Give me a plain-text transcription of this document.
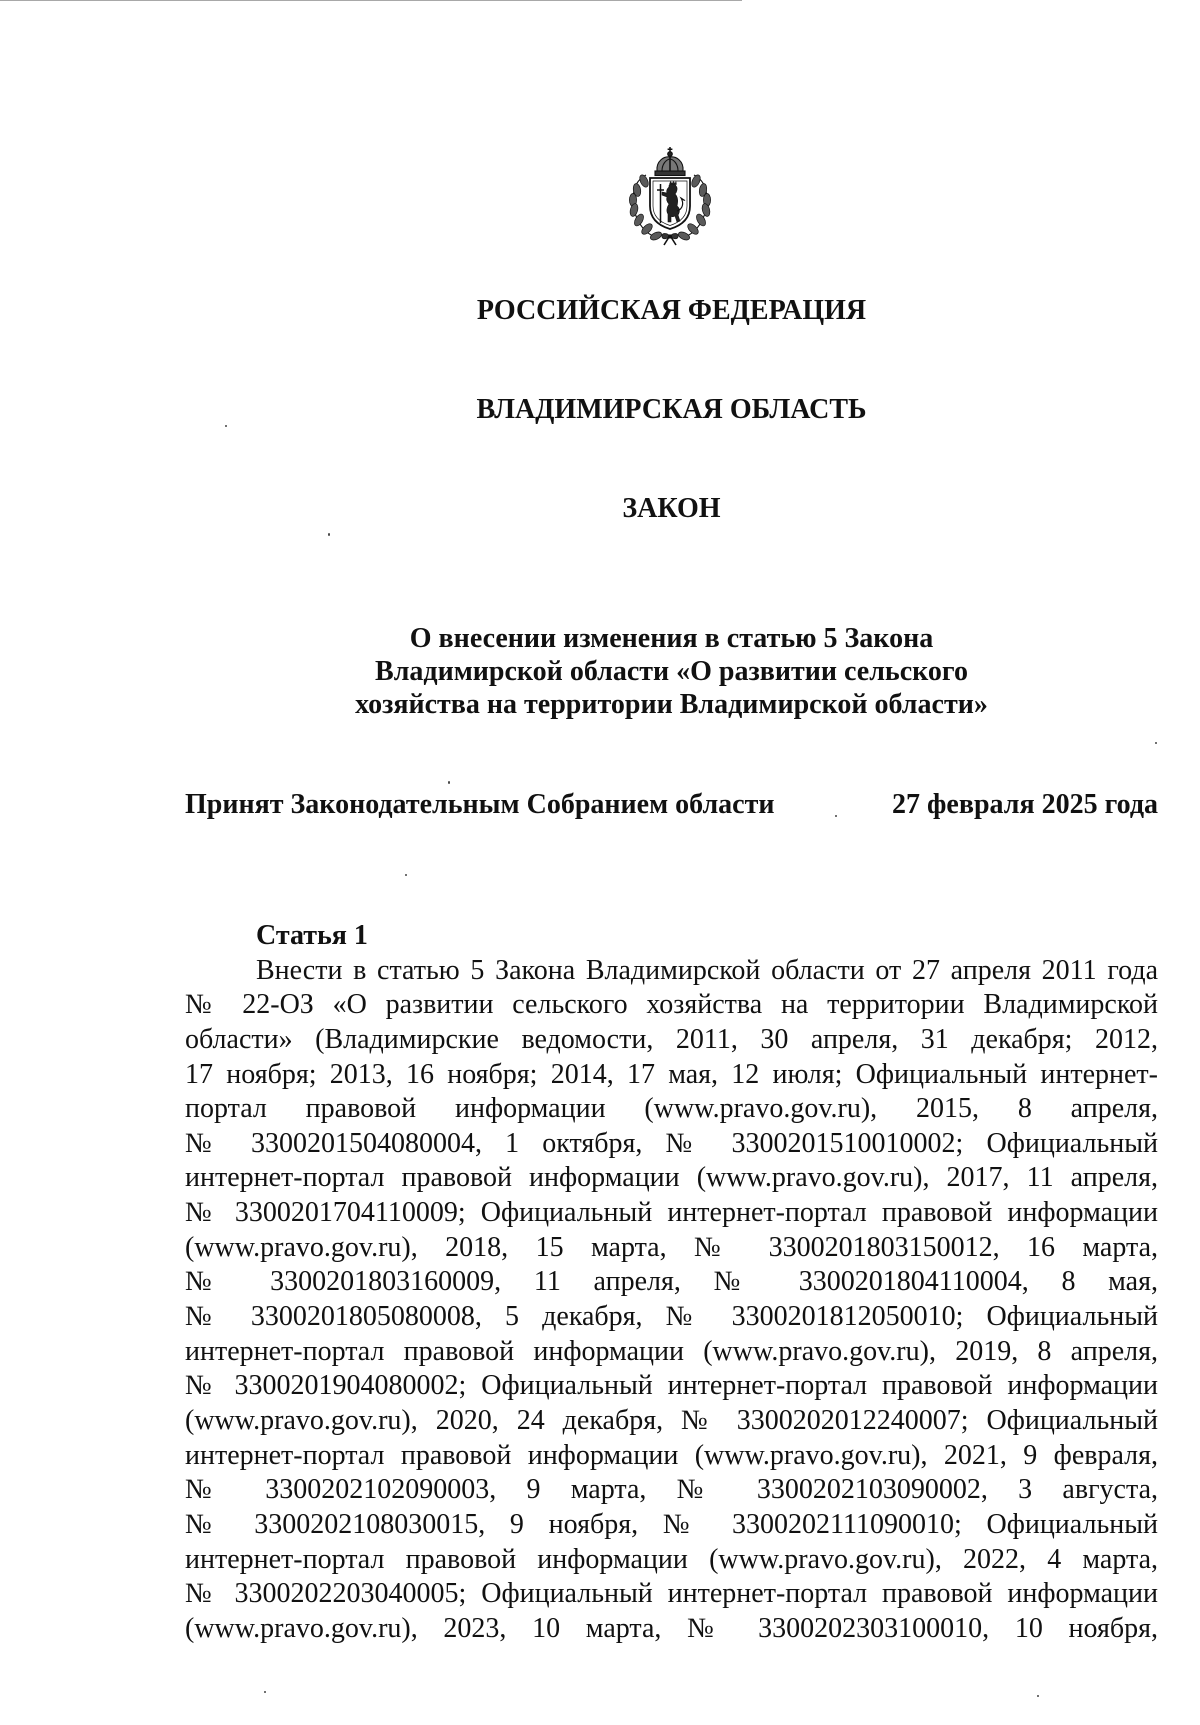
РОССИЙСКАЯ ФЕДЕРАЦИЯ
ВЛАДИМИРСКАЯ ОБЛАСТЬ
ЗАКОН
О внесении изменения в статью 5 Закона
Владимирской области «О развитии сельского
хозяйства на территории Владимирской области»
Принят Законодательным Собранием области	27 февраля 2025 года
Статья 1
Внести в статью 5 Закона Владимирской области от 27 апреля 2011 года
№ 22-ОЗ «О развитии сельского хозяйства на территории Владимирской
области» (Владимирские ведомости, 2011, 30 апреля, 31 декабря; 2012,
17 ноября; 2013, 16 ноября; 2014, 17 мая, 12 июля; Официальный интернет-
портал правовой информации (www.pravo.gov.ru), 2015, 8 апреля,
№ 3300201504080004, 1 октября, № 3300201510010002; Официальный
интернет-портал правовой информации (www.pravo.gov.ru), 2017, 11 апреля,
№ 3300201704110009; Официальный интернет-портал правовой информации
(www.pravo.gov.ru), 2018, 15 марта, № 3300201803150012, 16 марта,
№ 3300201803160009, 11 апреля, № 3300201804110004, 8 мая,
№ 3300201805080008, 5 декабря, № 3300201812050010; Официальный
интернет-портал правовой информации (www.pravo.gov.ru), 2019, 8 апреля,
№ 3300201904080002; Официальный интернет-портал правовой информации
(www.pravo.gov.ru), 2020, 24 декабря, № 3300202012240007; Официальный
интернет-портал правовой информации (www.pravo.gov.ru), 2021, 9 февраля,
№ 3300202102090003, 9 марта, № 3300202103090002, 3 августа,
№ 3300202108030015, 9 ноября, № 3300202111090010; Официальный
интернет-портал правовой информации (www.pravo.gov.ru), 2022, 4 марта,
№ 3300202203040005; Официальный интернет-портал правовой информации
(www.pravo.gov.ru), 2023, 10 марта, № 3300202303100010, 10 ноября,
